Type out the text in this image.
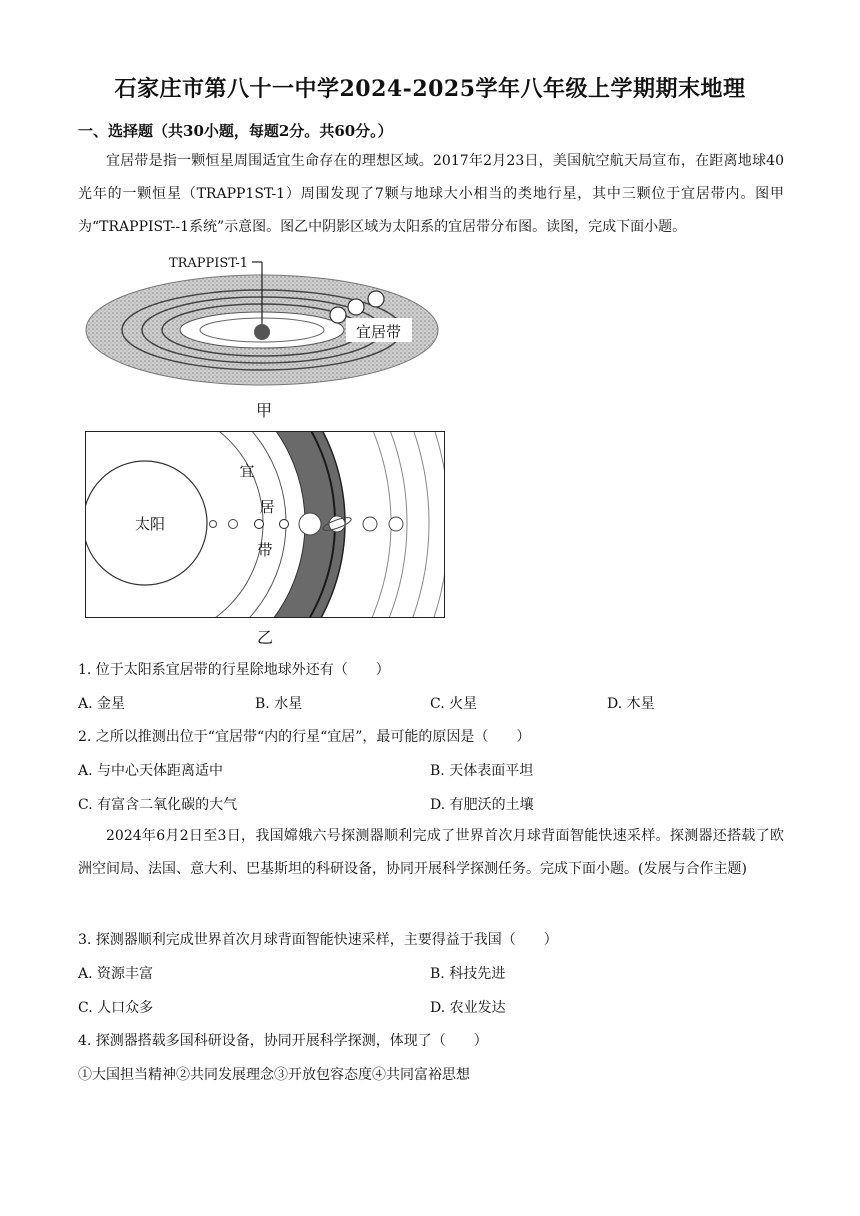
石家庄市第八十一中学2024-2025学年八年级上学期期末地理
一、选择题（共30小题，每题2分。共60分。）
宜居带是指一颗恒星周围适宜生命存在的理想区域。2017年2月23日，美国航空航天局宣布，在距离地球40光年的一颗恒星（TRAPP1ST-1）周围发现了7颗与地球大小相当的类地行星，其中三颗位于宜居带内。图甲为“TRAPPIST--1系统”示意图。图乙中阴影区域为太阳系的宜居带分布图。读图，完成下面小题。
TRAPPIST-1
宜居带
甲
太阳
宜
居
带
乙
1. 位于太阳系宜居带的行星除地球外还有（　　）
A. 金星	B. 水星	C. 火星	D. 木星
2. 之所以推测出位于“宜居带“内的行星“宜居”，最可能的原因是（　　）
A. 与中心天体距离适中	B. 天体表面平坦
C. 有富含二氧化碳的大气	D. 有肥沃的土壤
2024年6月2日至3日，我国嫦娥六号探测器顺利完成了世界首次月球背面智能快速采样。探测器还搭载了欧洲空间局、法国、意大利、巴基斯坦的科研设备，协同开展科学探测任务。完成下面小题。(发展与合作主题)
3. 探测器顺利完成世界首次月球背面智能快速采样，主要得益于我国（　　）
A. 资源丰富	B. 科技先进
C. 人口众多	D. 农业发达
4. 探测器搭载多国科研设备，协同开展科学探测，体现了（　　）
①大国担当精神②共同发展理念③开放包容态度④共同富裕思想
